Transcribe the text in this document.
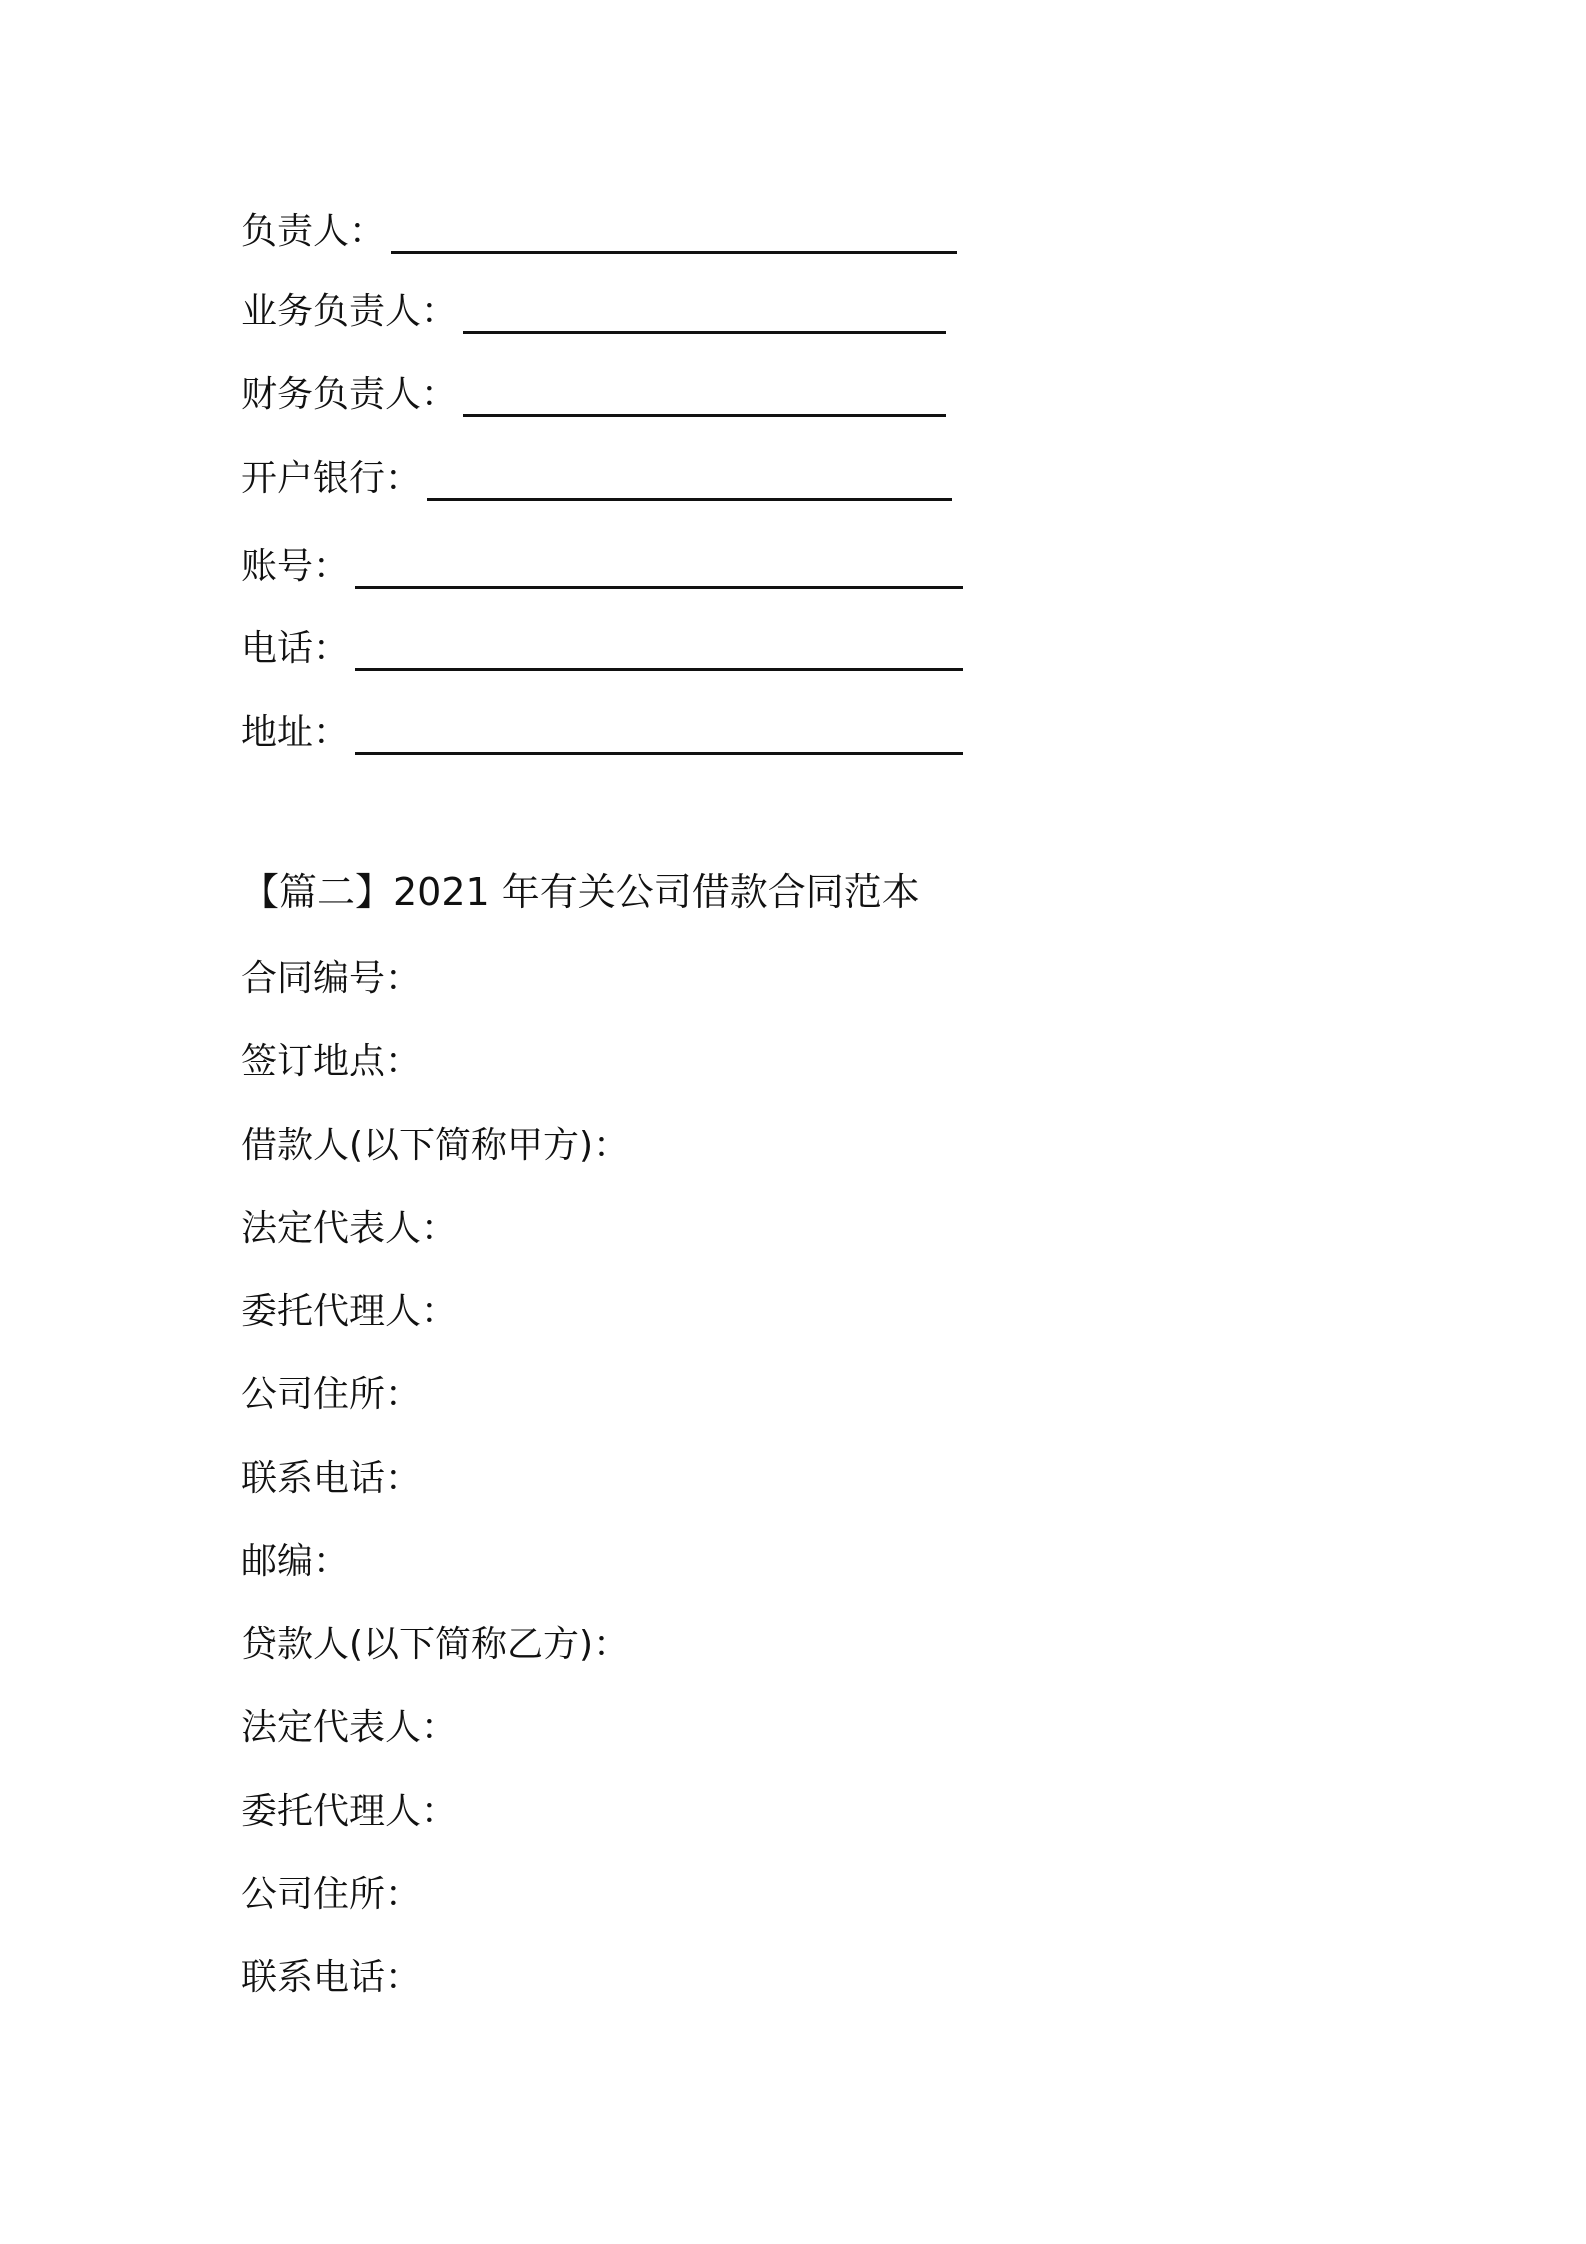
负责人：
业务负责人：
财务负责人：
开户银行：
账号：
电话：
地址：
【篇二】2021 年有关公司借款合同范本
合同编号：
签订地点：
借款人(以下简称甲方)：
法定代表人：
委托代理人：
公司住所：
联系电话：
邮编：
贷款人(以下简称乙方)：
法定代表人：
委托代理人：
公司住所：
联系电话：
